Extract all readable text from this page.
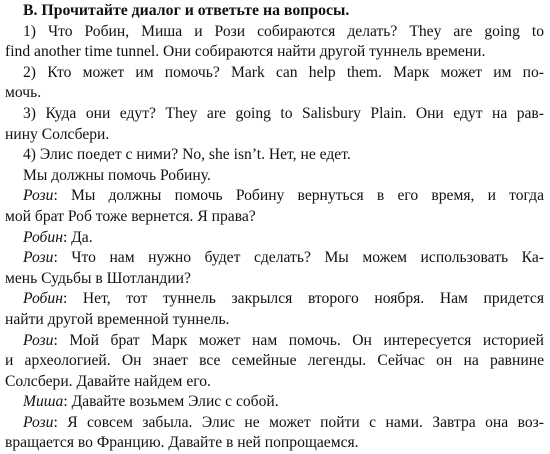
B. Прочитайте диалог и ответьте на вопросы.
1) Что Робин, Миша и Рози собираются делать? They are going to
find another time tunnel. Они собираются найти другой туннель времени.
2) Кто может им помочь? Mark can help them. Марк может им по-
мочь.
3) Куда они едут? They are going to Salisbury Plain. Они едут на рав-
нину Солсбери.
4) Элис поедет с ними? No, she isn’t. Нет, не едет.
Мы должны помочь Робину.
Рози: Мы должны помочь Робину вернуться в его время, и тогда
мой брат Роб тоже вернется. Я права?
Робин: Да.
Рози: Что нам нужно будет сделать? Мы можем использовать Ка-
мень Судьбы в Шотландии?
Робин: Нет, тот туннель закрылся второго ноября. Нам придется
найти другой временной туннель.
Рози: Мой брат Марк может нам помочь. Он интересуется историей
и археологией. Он знает все семейные легенды. Сейчас он на равнине
Солсбери. Давайте найдем его.
Миша: Давайте возьмем Элис с собой.
Рози: Я совсем забыла. Элис не может пойти с нами. Завтра она воз-
вращается во Францию. Давайте в ней попрощаемся.
